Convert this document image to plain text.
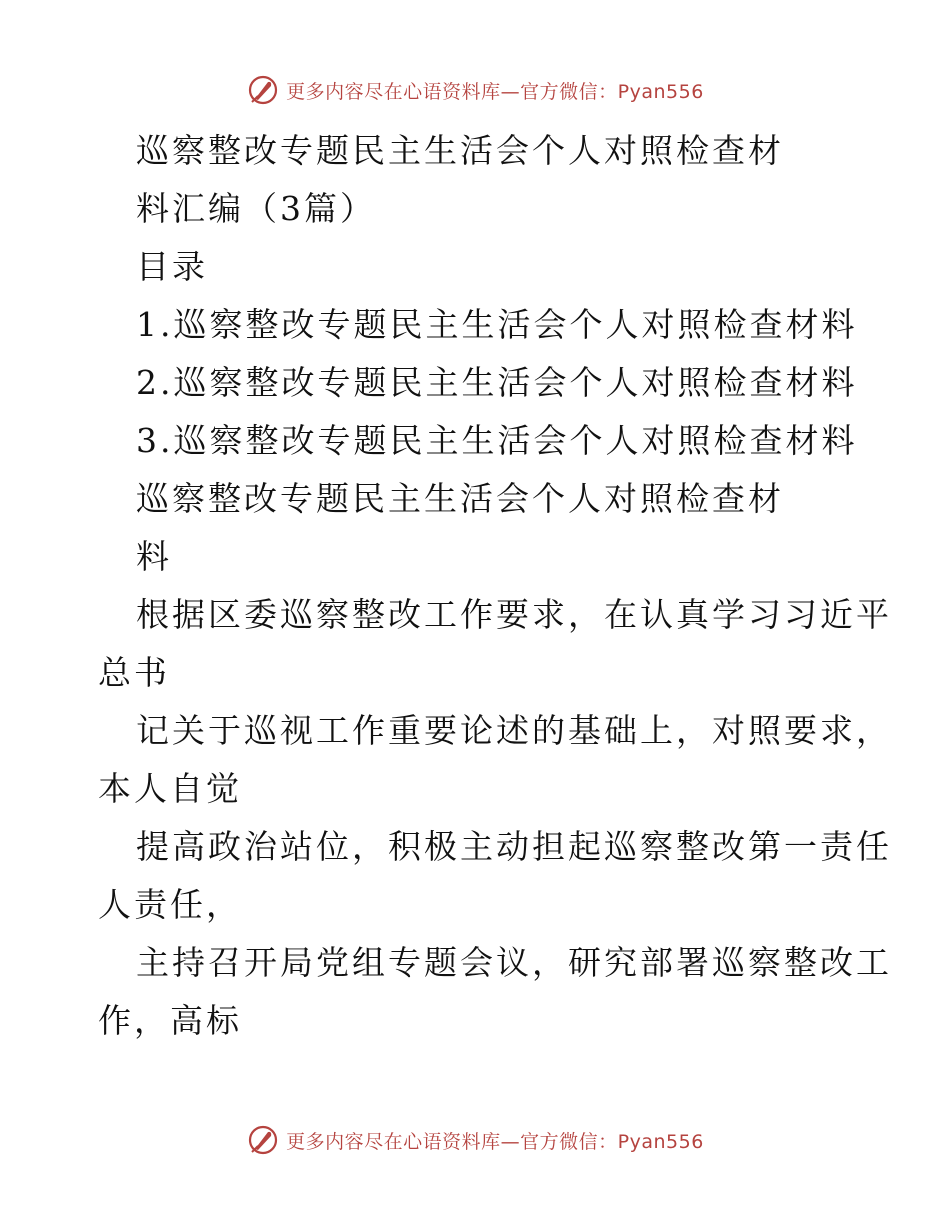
更多内容尽在心语资料库—官方微信：Pyan556
巡察整改专题民主生活会个人对照检查材
料汇编（3篇）
目录
1.巡察整改专题民主生活会个人对照检查材料
2.巡察整改专题民主生活会个人对照检查材料
3.巡察整改专题民主生活会个人对照检查材料
巡察整改专题民主生活会个人对照检查材
料
根据区委巡察整改工作要求，在认真学习习近平
总书
记关于巡视工作重要论述的基础上，对照要求，
本人自觉
提高政治站位，积极主动担起巡察整改第一责任
人责任，
主持召开局党组专题会议，研究部署巡察整改工
作，高标
更多内容尽在心语资料库—官方微信：Pyan556
